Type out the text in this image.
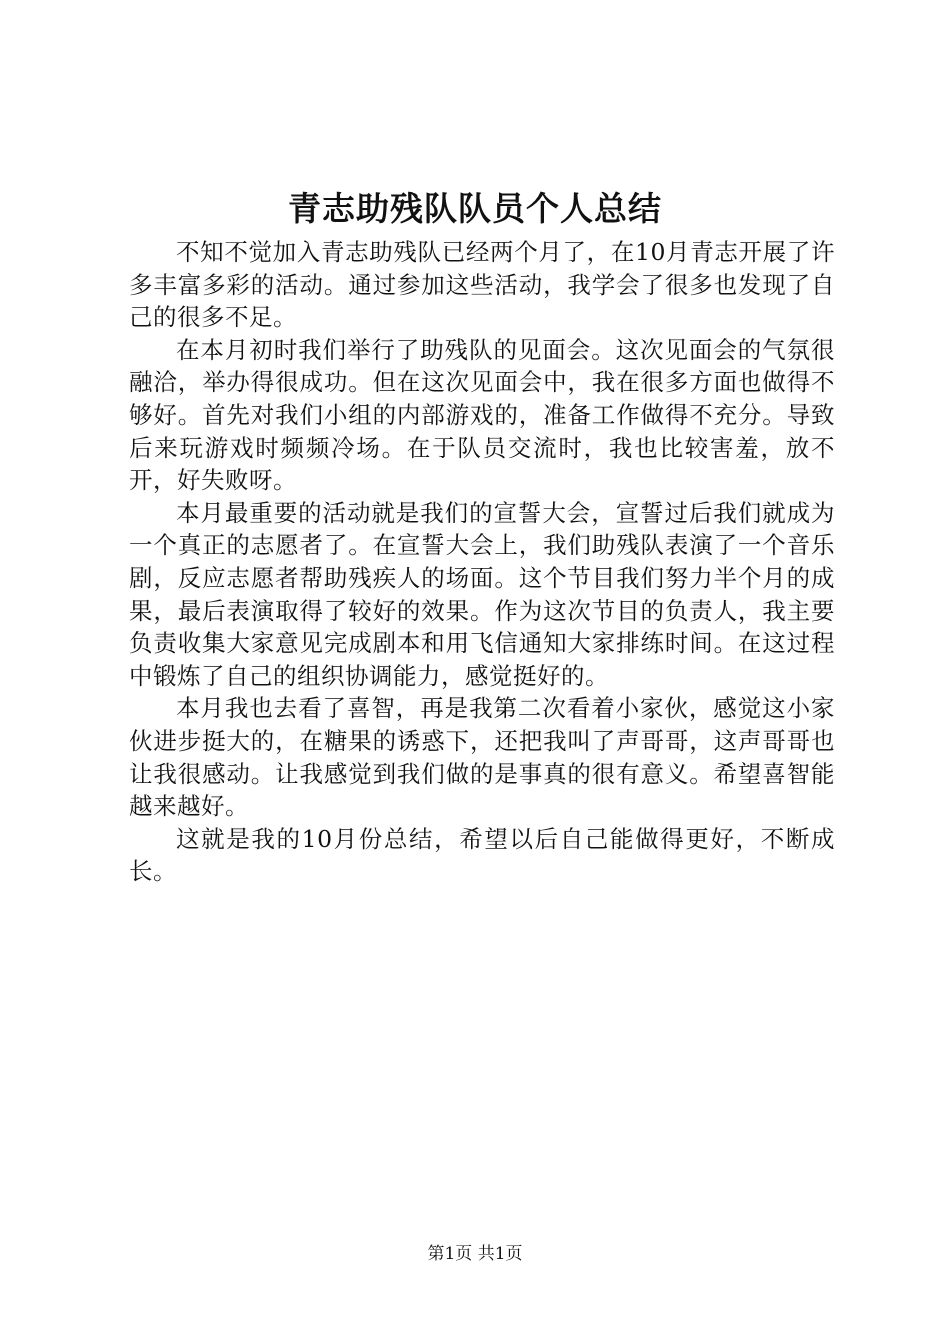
青志助残队队员个人总结

不知不觉加入青志助残队已经两个月了，在10月青志开展了许多丰富多彩的活动。通过参加这些活动，我学会了很多也发现了自己的很多不足。

在本月初时我们举行了助残队的见面会。这次见面会的气氛很融洽，举办得很成功。但在这次见面会中，我在很多方面也做得不够好。首先对我们小组的内部游戏的，准备工作做得不充分。导致后来玩游戏时频频冷场。在于队员交流时，我也比较害羞，放不开，好失败呀。

本月最重要的活动就是我们的宣誓大会，宣誓过后我们就成为一个真正的志愿者了。在宣誓大会上，我们助残队表演了一个音乐剧，反应志愿者帮助残疾人的场面。这个节目我们努力半个月的成果，最后表演取得了较好的效果。作为这次节目的负责人，我主要负责收集大家意见完成剧本和用飞信通知大家排练时间。在这过程中锻炼了自己的组织协调能力，感觉挺好的。

本月我也去看了喜智，再是我第二次看着小家伙，感觉这小家伙进步挺大的，在糖果的诱惑下，还把我叫了声哥哥，这声哥哥也让我很感动。让我感觉到我们做的是事真的很有意义。希望喜智能越来越好。

这就是我的10月份总结，希望以后自己能做得更好，不断成长。

第1页 共1页
